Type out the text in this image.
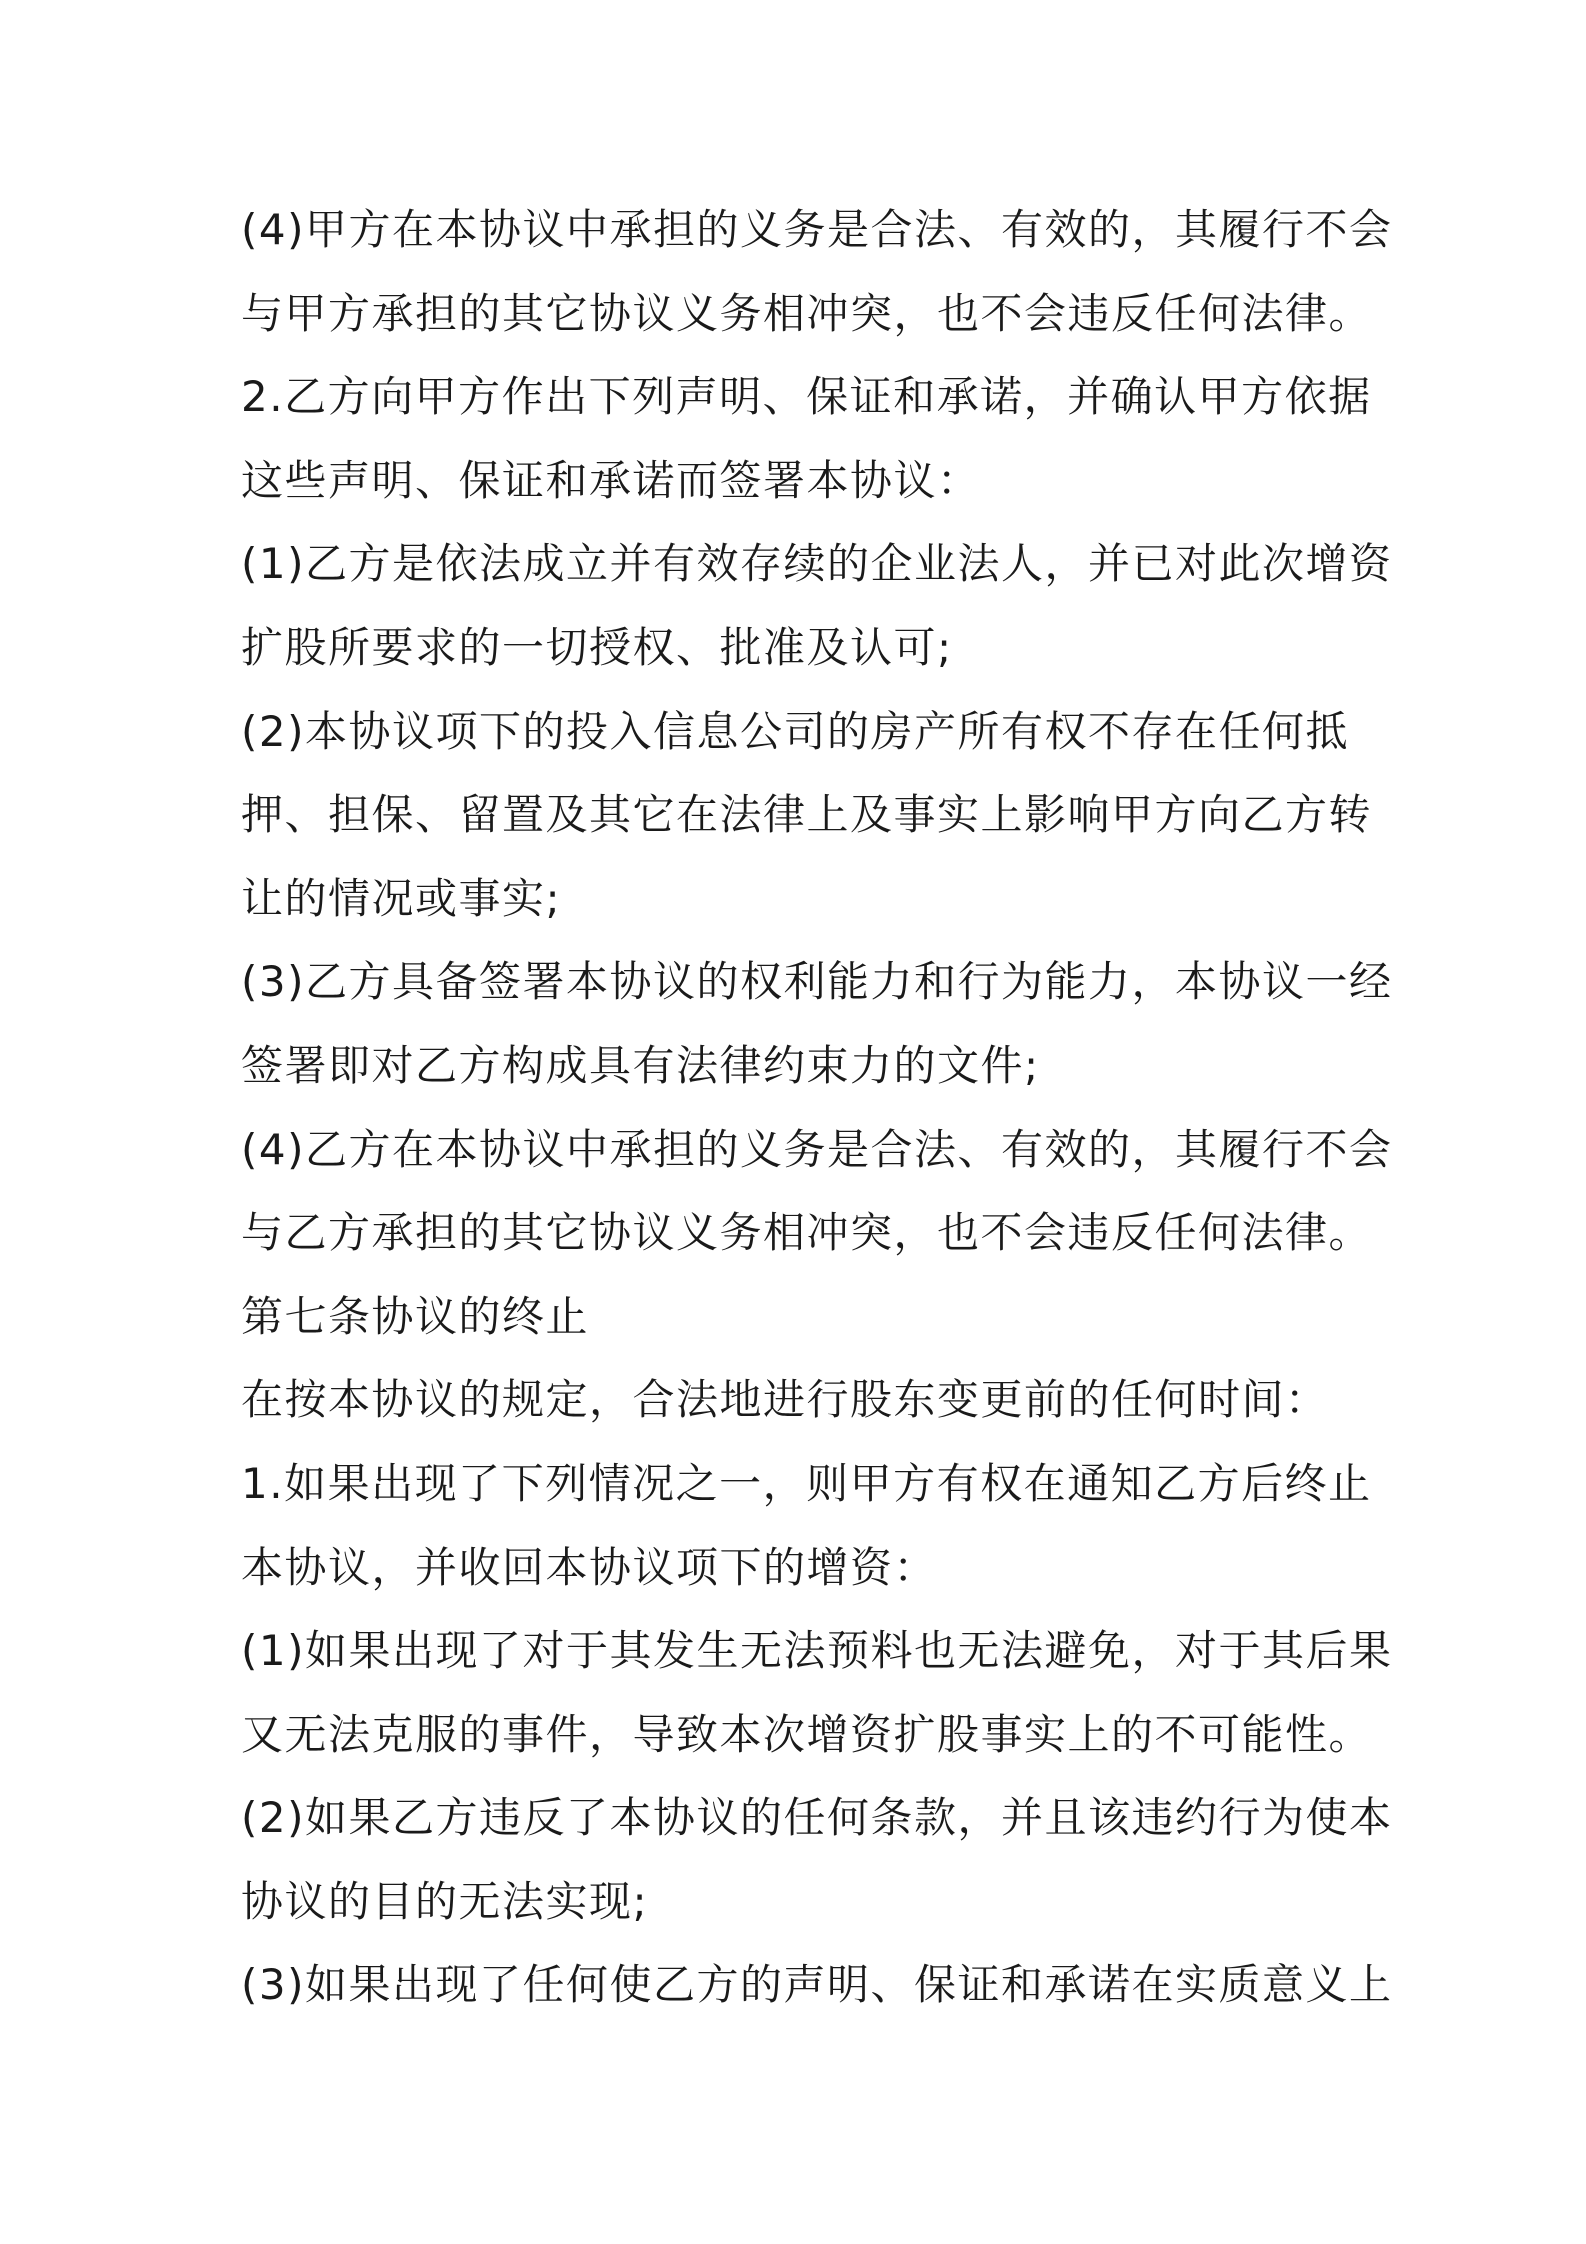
(4)甲方在本协议中承担的义务是合法、有效的，其履行不会
与甲方承担的其它协议义务相冲突，也不会违反任何法律。
2.乙方向甲方作出下列声明、保证和承诺，并确认甲方依据
这些声明、保证和承诺而签署本协议：
(1)乙方是依法成立并有效存续的企业法人，并已对此次增资
扩股所要求的一切授权、批准及认可;
(2)本协议项下的投入信息公司的房产所有权不存在任何抵
押、担保、留置及其它在法律上及事实上影响甲方向乙方转
让的情况或事实;
(3)乙方具备签署本协议的权利能力和行为能力，本协议一经
签署即对乙方构成具有法律约束力的文件;
(4)乙方在本协议中承担的义务是合法、有效的，其履行不会
与乙方承担的其它协议义务相冲突，也不会违反任何法律。
第七条协议的终止
在按本协议的规定，合法地进行股东变更前的任何时间：
1.如果出现了下列情况之一，则甲方有权在通知乙方后终止
本协议，并收回本协议项下的增资：
(1)如果出现了对于其发生无法预料也无法避免，对于其后果
又无法克服的事件，导致本次增资扩股事实上的不可能性。
(2)如果乙方违反了本协议的任何条款，并且该违约行为使本
协议的目的无法实现;
(3)如果出现了任何使乙方的声明、保证和承诺在实质意义上
